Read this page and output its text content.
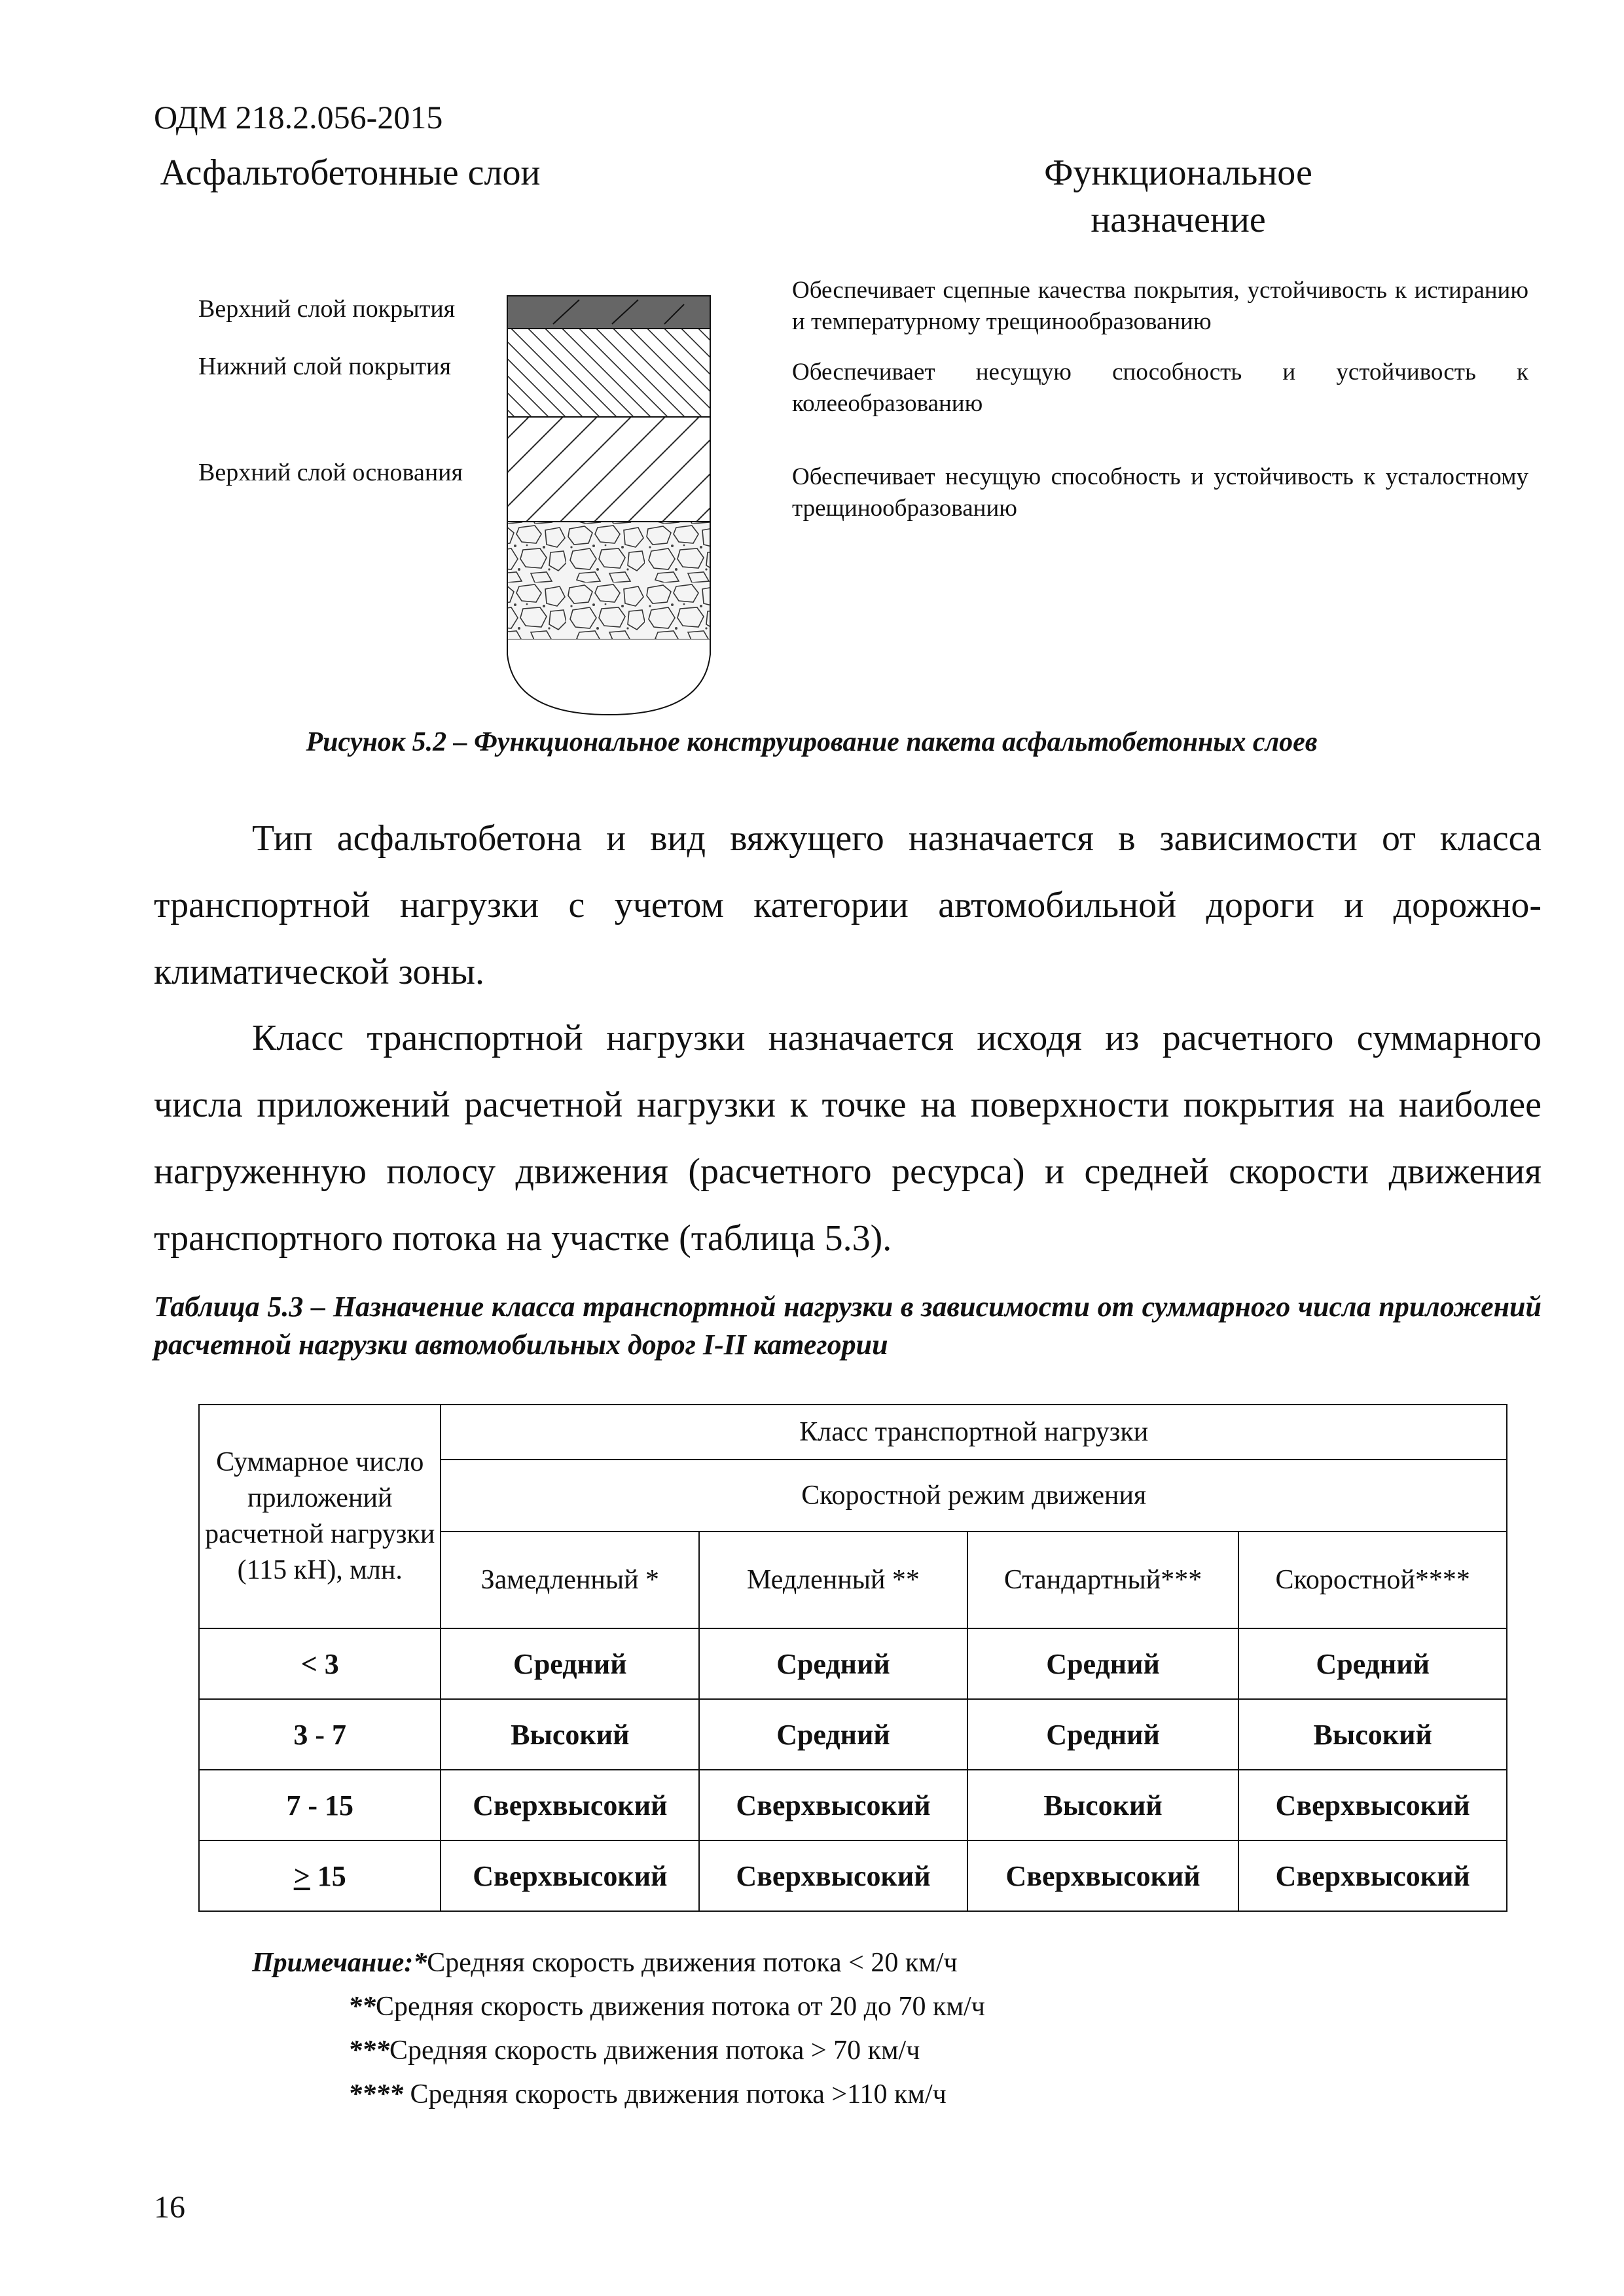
ОДМ 218.2.056-2015
Асфальтобетонные слои	Функциональное назначение
Верхний слой покрытия
Нижний слой покрытия
Верхний слой основания
Обеспечивает сцепные качества покрытия, устойчивость к истиранию и температурному трещинообразованию
Обеспечивает несущую способность и устойчивость к колееобразованию
Обеспечивает несущую способность и устойчивость к усталостному трещинообразованию
Рисунок 5.2 – Функциональное конструирование пакета асфальтобетонных слоев
Тип асфальтобетона и вид вяжущего назначается в зависимости от класса транспортной нагрузки с учетом категории автомобильной дороги и дорожно-климатической зоны.
Класс транспортной нагрузки назначается исходя из расчетного суммарного числа приложений расчетной нагрузки к точке на поверхности покрытия на наиболее нагруженную полосу движения (расчетного ресурса) и средней скорости движения транспортного потока на участке (таблица 5.3).
Таблица 5.3 – Назначение класса транспортной нагрузки в зависимости от суммарного числа приложений расчетной нагрузки автомобильных дорог I-II категории
Суммарное число приложений расчетной нагрузки (115 кН), млн.	Класс транспортной нагрузки			
	Скоростной режим движения			
	Замедленный *	Медленный **	Стандартный***	Скоростной****
< 3	Средний	Средний	Средний	Средний
3 - 7	Высокий	Средний	Средний	Высокий
7 - 15	Сверхвысокий	Сверхвысокий	Высокий	Сверхвысокий
≥ 15	Сверхвысокий	Сверхвысокий	Сверхвысокий	Сверхвысокий
Примечание:*Средняя скорость движения потока < 20 км/ч
**Средняя скорость движения потока от 20 до 70 км/ч
***Средняя скорость движения потока > 70 км/ч
**** Средняя скорость движения потока >110 км/ч
16
